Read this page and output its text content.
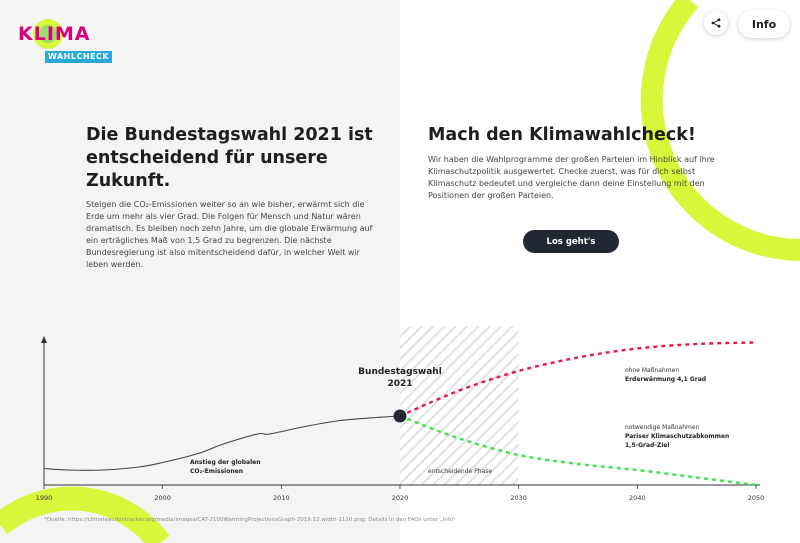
KLIMA
WAHLCHECK
Info
Die Bundestagswahl 2021 ist entscheidend für unsere Zukunft.

Steigen die CO₂-Emissionen weiter so an wie bisher, erwärmt sich die Erde um mehr als vier Grad. Die Folgen für Mensch und Natur wären dramatisch. Es bleiben noch zehn Jahre, um die globale Erwärmung auf ein erträgliches Maß von 1,5 Grad zu begrenzen. Die nächste Bundesregierung ist also mitentscheidend dafür, in welcher Welt wir leben werden.

Mach den Klimawahlcheck!

Wir haben die Wahlprogramme der großen Parteien im Hinblick auf ihre Klimaschutzpolitik ausgewertet. Checke zuerst, was für dich selbst Klimaschutz bedeutet und vergleiche dann deine Einstellung mit den Positionen der großen Parteien.

Los geht's
1990	2000	2010	2020	2030	2040	2050
Bundestagswahl
2021
Anstieg der globalen
CO₂-Emissionen	entscheidende Phase
ohne Maßnahmen
Erderwärmung 4,1 Grad
notwendige Maßnahmen
Pariser Klimaschutzabkommen
1,5-Grad-Ziel

*Quelle: https://climateactiontracker.org/media/images/CAT-2100WarmingProjectionsGraph-2019.12.width-1110.png; Details in den FAQs unter „Info“
